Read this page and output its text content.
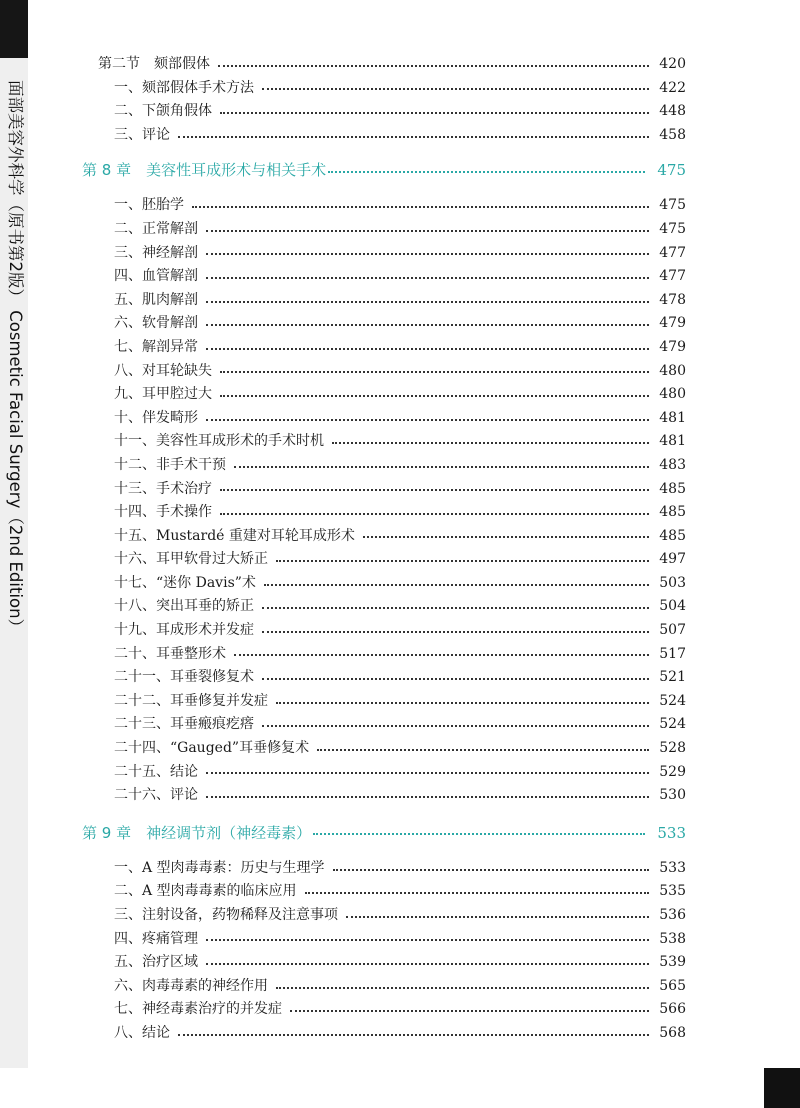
面部美容外科学（原书第2版） Cosmetic Facial Surgery（2nd Edition）
第二节　颏部假体	420
一、颏部假体手术方法	422
二、下颌角假体	448
三、评论	458
第 8 章　美容性耳成形术与相关手术	475
一、胚胎学	475
二、正常解剖	475
三、神经解剖	477
四、血管解剖	477
五、肌肉解剖	478
六、软骨解剖	479
七、解剖异常	479
八、对耳轮缺失	480
九、耳甲腔过大	480
十、伴发畸形	481
十一、美容性耳成形术的手术时机	481
十二、非手术干预	483
十三、手术治疗	485
十四、手术操作	485
十五、Mustardé 重建对耳轮耳成形术	485
十六、耳甲软骨过大矫正	497
十七、“迷你 Davis”术	503
十八、突出耳垂的矫正	504
十九、耳成形术并发症	507
二十、耳垂整形术	517
二十一、耳垂裂修复术	521
二十二、耳垂修复并发症	524
二十三、耳垂瘢痕疙瘩	524
二十四、“Gauged”耳垂修复术	528
二十五、结论	529
二十六、评论	530
第 9 章　神经调节剂（神经毒素）	533
一、A 型肉毒毒素：历史与生理学	533
二、A 型肉毒毒素的临床应用	535
三、注射设备，药物稀释及注意事项	536
四、疼痛管理	538
五、治疗区域	539
六、肉毒毒素的神经作用	565
七、神经毒素治疗的并发症	566
八、结论	568
